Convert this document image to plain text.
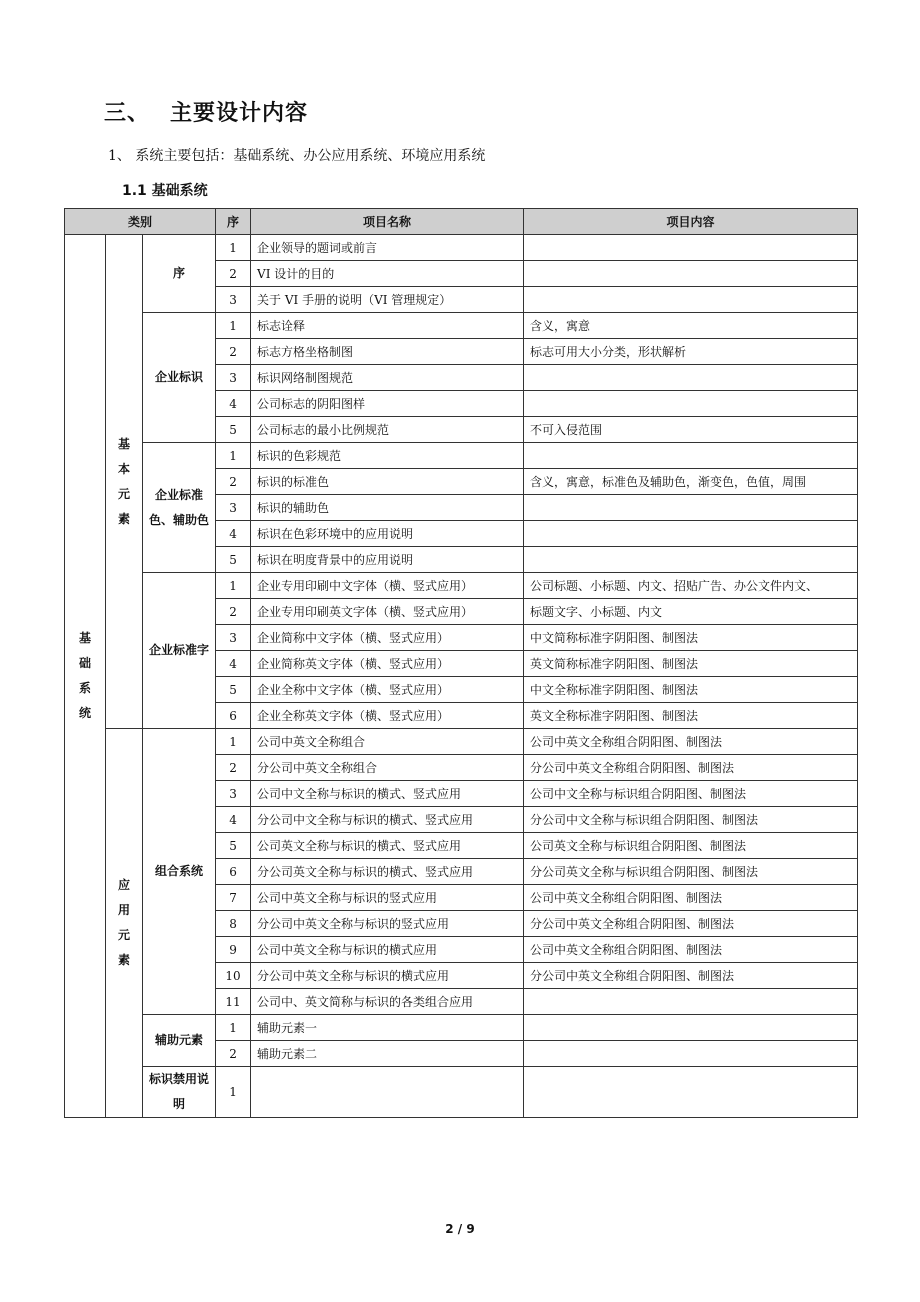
三、 主要设计内容

1、 系统主要包括：基础系统、办公应用系统、环境应用系统

1.1 基础系统
类别			序	项目名称	项目内容
基础系统	基本元素	序	1	企业领导的题词或前言	
			2	VI 设计的目的	
			3	关于 VI 手册的说明（VI 管理规定）	
		企业标识	1	标志诠释	含义，寓意
			2	标志方格坐格制图	标志可用大小分类，形状解析
			3	标识网络制图规范	
			4	公司标志的阴阳图样	
			5	公司标志的最小比例规范	不可入侵范围
		企业标准色、辅助色	1	标识的色彩规范	
			2	标识的标准色	含义，寓意，标准色及辅助色，渐变色，色值，周围
			3	标识的辅助色	
			4	标识在色彩环境中的应用说明	
			5	标识在明度背景中的应用说明	
		企业标准字	1	企业专用印刷中文字体（横、竖式应用）	公司标题、小标题、内文、招贴广告、办公文件内文、
			2	企业专用印刷英文字体（横、竖式应用）	标题文字、小标题、内文
			3	企业简称中文字体（横、竖式应用）	中文简称标准字阴阳图、制图法
			4	企业简称英文字体（横、竖式应用）	英文简称标准字阴阳图、制图法
			5	企业全称中文字体（横、竖式应用）	中文全称标准字阴阳图、制图法
			6	企业全称英文字体（横、竖式应用）	英文全称标准字阴阳图、制图法
	应用元素	组合系统	1	公司中英文全称组合	公司中英文全称组合阴阳图、制图法
			2	分公司中英文全称组合	分公司中英文全称组合阴阳图、制图法
			3	公司中文全称与标识的横式、竖式应用	公司中文全称与标识组合阴阳图、制图法
			4	分公司中文全称与标识的横式、竖式应用	分公司中文全称与标识组合阴阳图、制图法
			5	公司英文全称与标识的横式、竖式应用	公司英文全称与标识组合阴阳图、制图法
			6	分公司英文全称与标识的横式、竖式应用	分公司英文全称与标识组合阴阳图、制图法
			7	公司中英文全称与标识的竖式应用	公司中英文全称组合阴阳图、制图法
			8	分公司中英文全称与标识的竖式应用	分公司中英文全称组合阴阳图、制图法
			9	公司中英文全称与标识的横式应用	公司中英文全称组合阴阳图、制图法
			10	分公司中英文全称与标识的横式应用	分公司中英文全称组合阴阳图、制图法
			11	公司中、英文简称与标识的各类组合应用	
		辅助元素	1	辅助元素一	
			2	辅助元素二	
		标识禁用说明	1		
2 / 9
